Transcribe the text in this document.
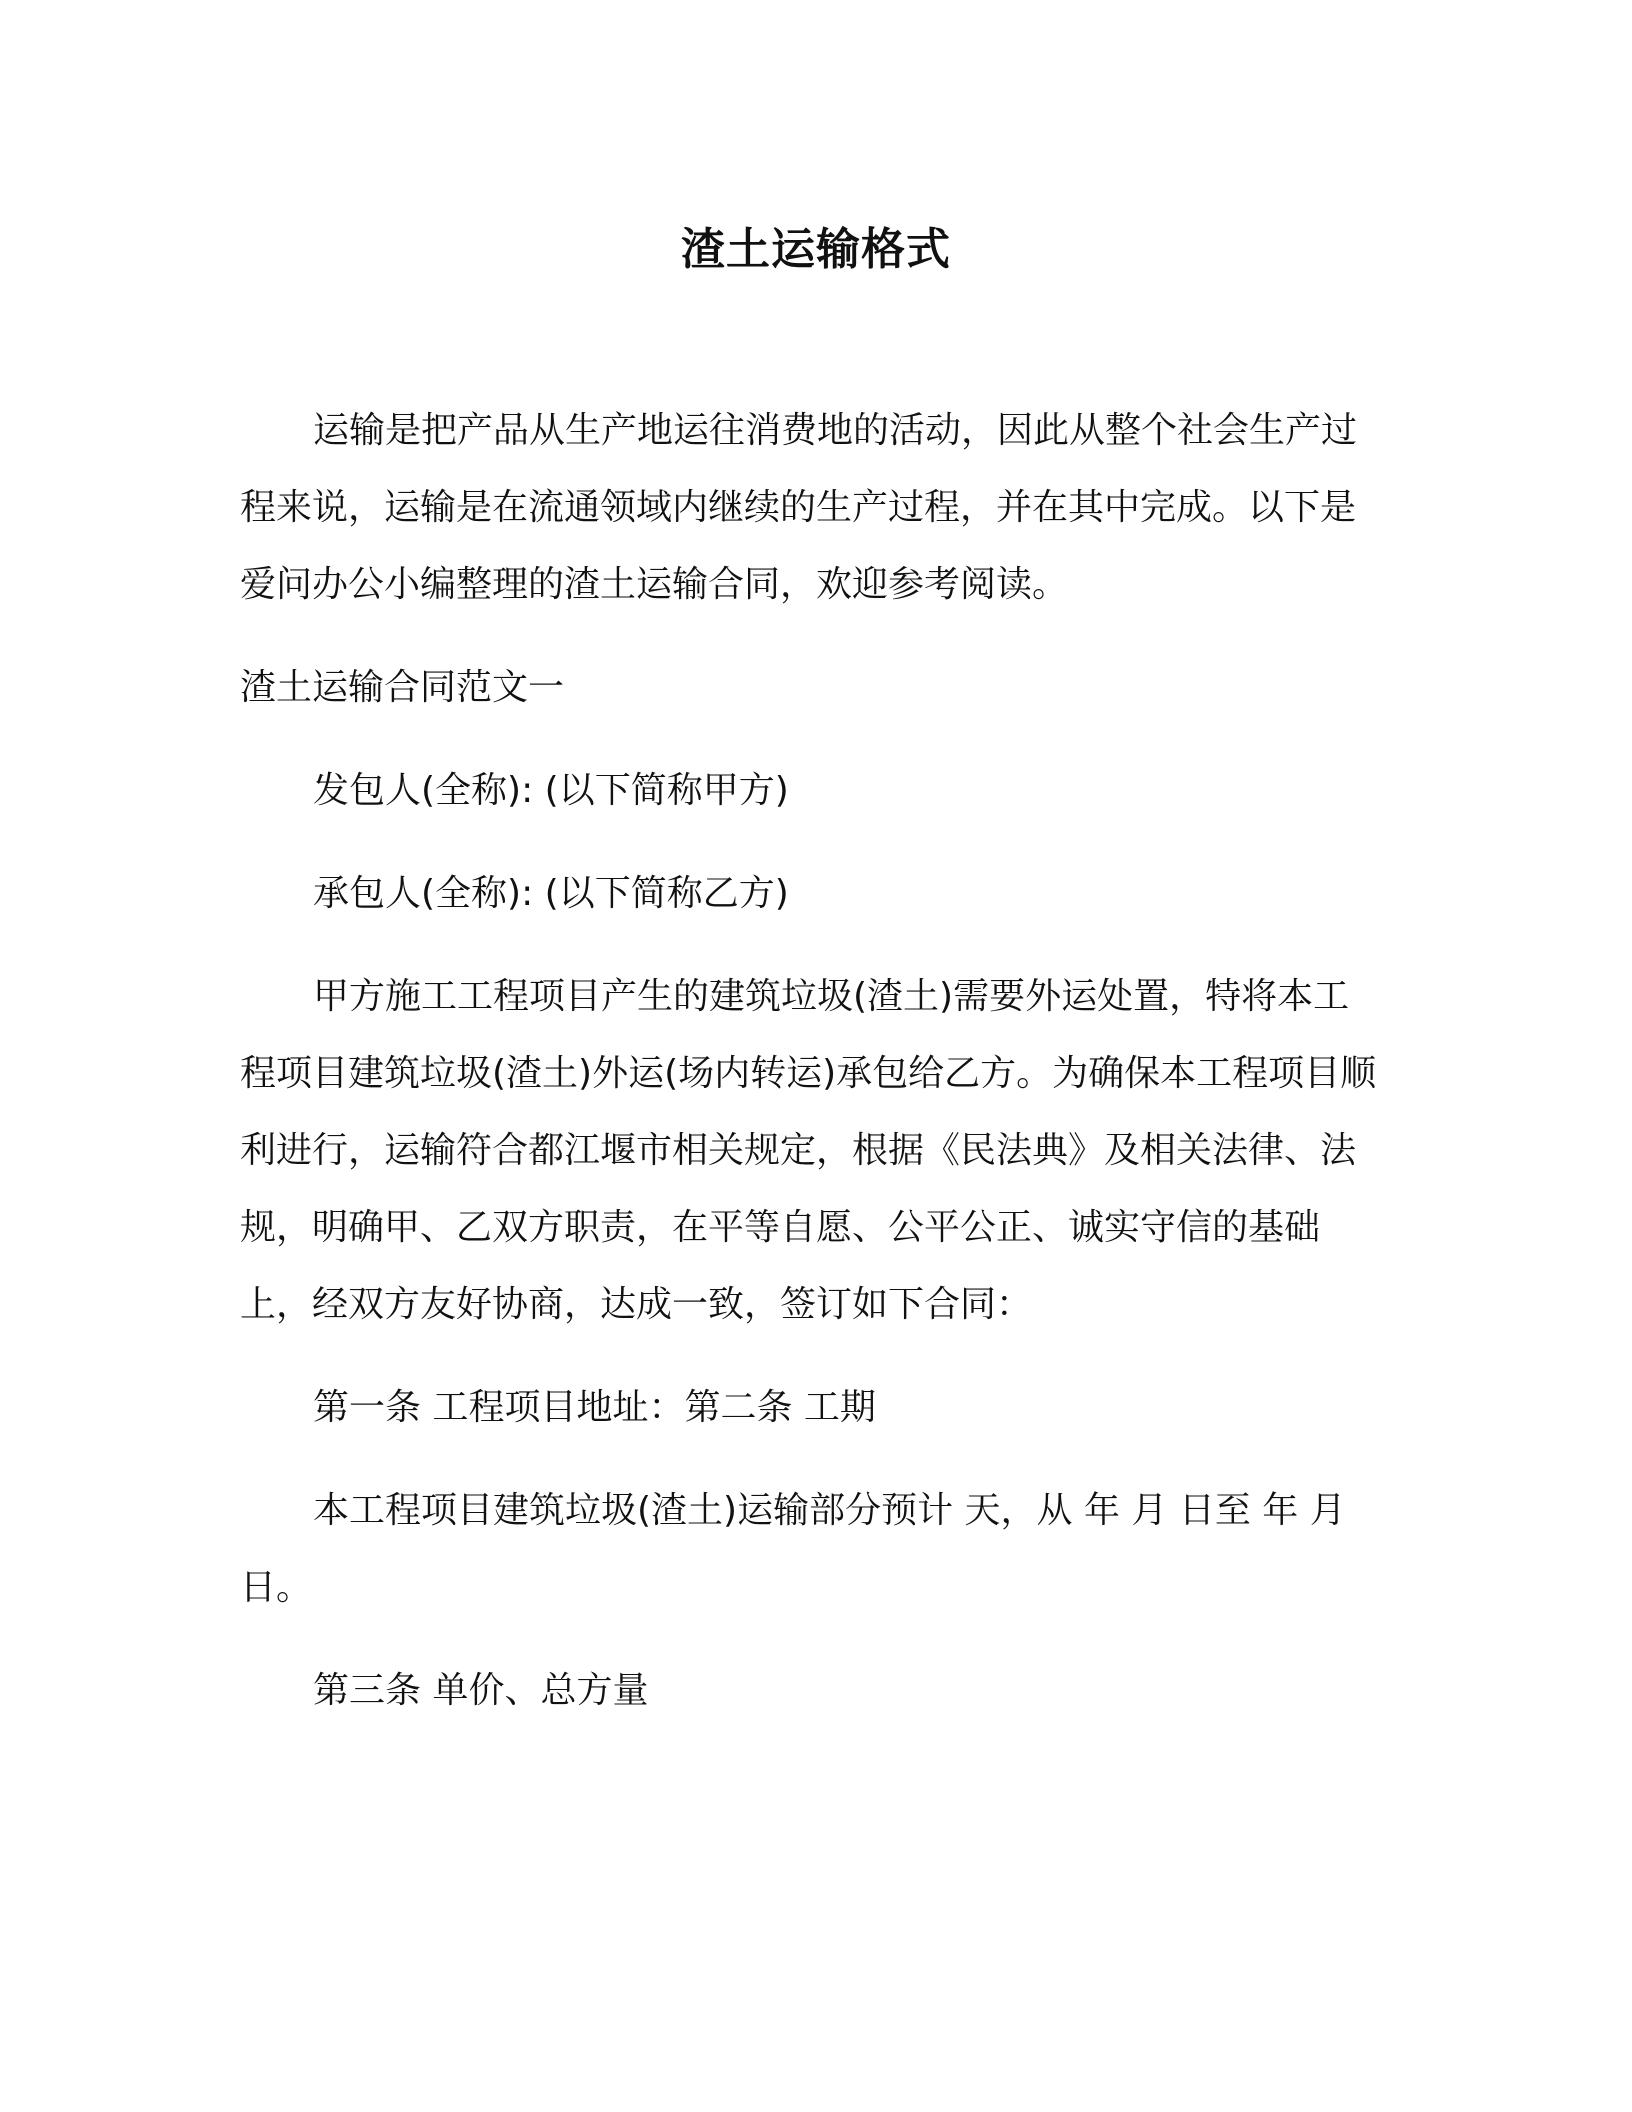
渣土运输格式

运输是把产品从生产地运往消费地的活动，因此从整个社会生产过程来说，运输是在流通领域内继续的生产过程，并在其中完成。以下是爱问办公小编整理的渣土运输合同，欢迎参考阅读。

渣土运输合同范文一

发包人(全称): (以下简称甲方)

承包人(全称): (以下简称乙方)

甲方施工工程项目产生的建筑垃圾(渣土)需要外运处置，特将本工程项目建筑垃圾(渣土)外运(场内转运)承包给乙方。为确保本工程项目顺利进行，运输符合都江堰市相关规定，根据《民法典》及相关法律、法规，明确甲、乙双方职责，在平等自愿、公平公正、诚实守信的基础上，经双方友好协商，达成一致，签订如下合同：

第一条 工程项目地址：第二条 工期

本工程项目建筑垃圾(渣土)运输部分预计 天，从 年 月 日至 年 月 日。

第三条 单价、总方量
